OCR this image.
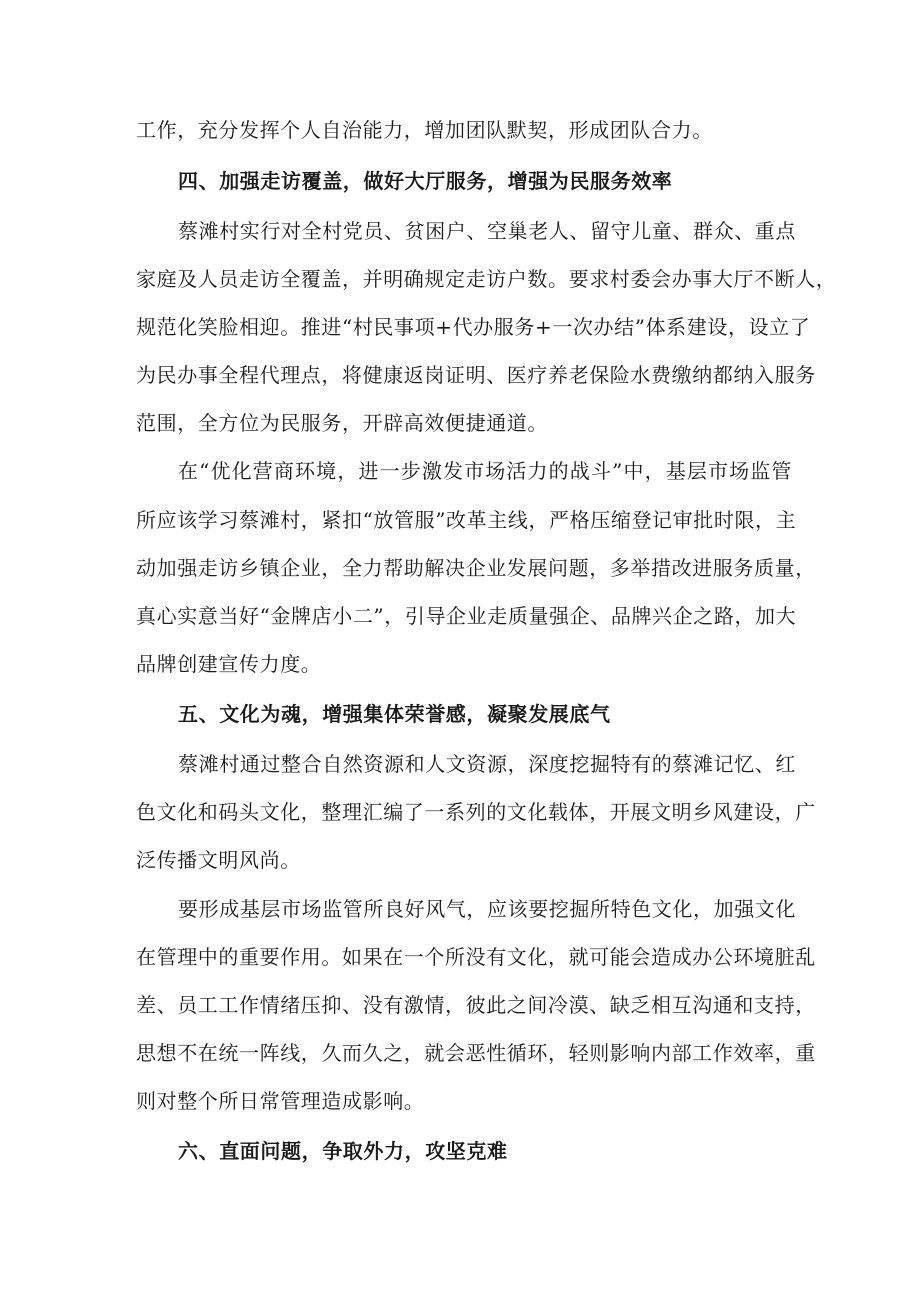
工作，充分发挥个人自治能力，增加团队默契，形成团队合力。
四、加强走访覆盖，做好大厅服务，增强为民服务效率
蔡滩村实行对全村党员、贫困户、空巢老人、留守儿童、群众、重点
家庭及人员走访全覆盖，并明确规定走访户数。要求村委会办事大厅不断人，
规范化笑脸相迎。推进“村民事项+代办服务+一次办结”体系建设，设立了
为民办事全程代理点，将健康返岗证明、医疗养老保险水费缴纳都纳入服务
范围，全方位为民服务，开辟高效便捷通道。
在“优化营商环境，进一步激发市场活力的战斗”中，基层市场监管
所应该学习蔡滩村，紧扣“放管服”改革主线，严格压缩登记审批时限，主
动加强走访乡镇企业，全力帮助解决企业发展问题，多举措改进服务质量，
真心实意当好“金牌店小二”，引导企业走质量强企、品牌兴企之路，加大
品牌创建宣传力度。
五、文化为魂，增强集体荣誉感，凝聚发展底气
蔡滩村通过整合自然资源和人文资源，深度挖掘特有的蔡滩记忆、红
色文化和码头文化，整理汇编了一系列的文化载体，开展文明乡风建设，广
泛传播文明风尚。
要形成基层市场监管所良好风气，应该要挖掘所特色文化，加强文化
在管理中的重要作用。如果在一个所没有文化，就可能会造成办公环境脏乱
差、员工工作情绪压抑、没有激情，彼此之间冷漠、缺乏相互沟通和支持，
思想不在统一阵线，久而久之，就会恶性循环，轻则影响内部工作效率，重
则对整个所日常管理造成影响。
六、直面问题，争取外力，攻坚克难
